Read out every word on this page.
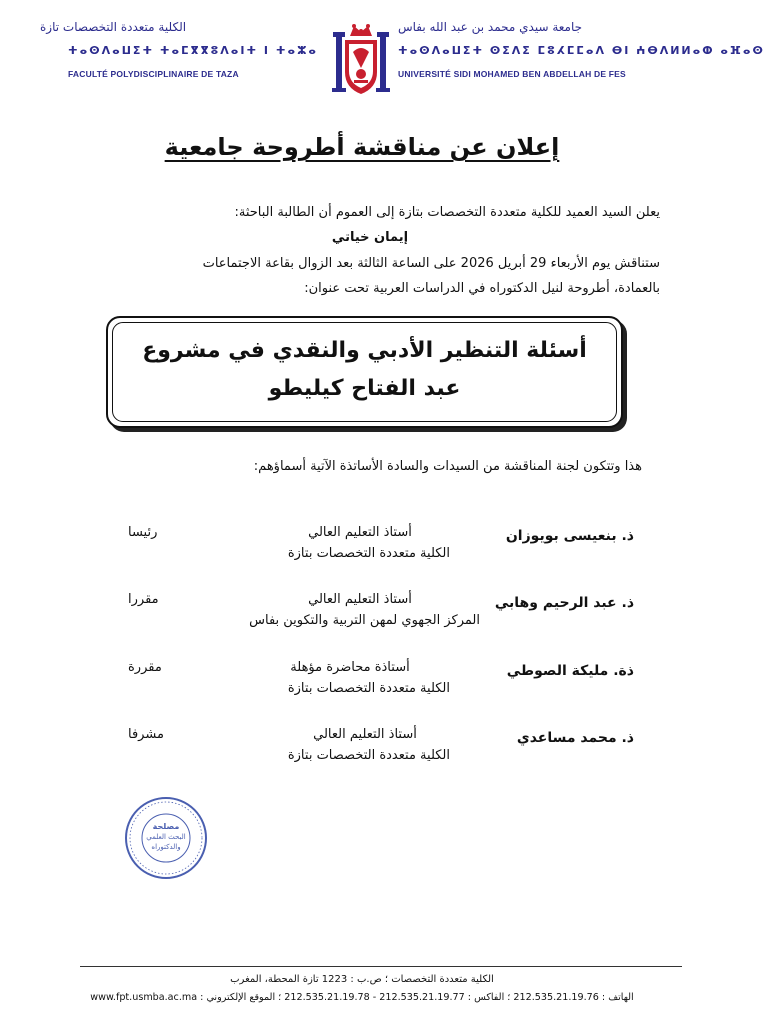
جامعة سيدي محمد بن عبد الله بفاس
ⵜⴰⵙⴷⴰⵡⵉⵜ ⵙⵉⴷⵉ ⵎⵓⵃⵎⵎⴰⴷ ⴱⵏ ⵄⴱⴷⵍⵍⴰⵀ ⴰⴼⴰⵙ
UNIVERSITÉ SIDI MOHAMED BEN ABDELLAH DE FES
الكلية متعددة التخصصات تازة
ⵜⴰⵙⴷⴰⵡⵉⵜ ⵜⴰⵎⴳⴳⵓⴷⴰⵏⵜ ⵏ ⵜⴰⵣⴰ
FACULTÉ POLYDISCIPLINAIRE DE TAZA
إعلان عن مناقشة أطروحة جامعية
يعلن السيد العميد للكلية متعددة التخصصات بتازة إلى العموم أن الطالبة الباحثة:
إيمان خياتي
ستناقش يوم الأربعاء 29 أبريل 2026 على الساعة الثالثة بعد الزوال بقاعة الاجتماعات
بالعمادة، أطروحة لنيل الدكتوراه في الدراسات العربية تحت عنوان:
أسئلة التنظير الأدبي والنقدي في مشروع
عبد الفتاح كيليطو
هذا وتتكون لجنة المناقشة من السيدات والسادة الأساتذة الآتية أسماؤهم:
ذ. بنعيسى بويوزان
أستاذ التعليم العالي
الكلية متعددة التخصصات بتازة
رئيسا
ذ. عبد الرحيم وهابي
أستاذ التعليم العالي
المركز الجهوي لمهن التربية والتكوين بفاس
مقررا
ذة. مليكة الصوطي
أستاذة محاضرة مؤهلة
الكلية متعددة التخصصات بتازة
مقررة
ذ. محمد مساعدي
أستاذ التعليم العالي
الكلية متعددة التخصصات بتازة
مشرفا
مصلحة
البحث العلمي
والدكتوراه
الكلية متعددة التخصصات ؛ ص.ب : 1223 تازة المحطة، المغرب
الهاتف : 212.535.21.19.76 ؛ الفاكس : 212.535.21.19.77 - 212.535.21.19.78 ؛ الموقع الإلكتروني : www.fpt.usmba.ac.ma
